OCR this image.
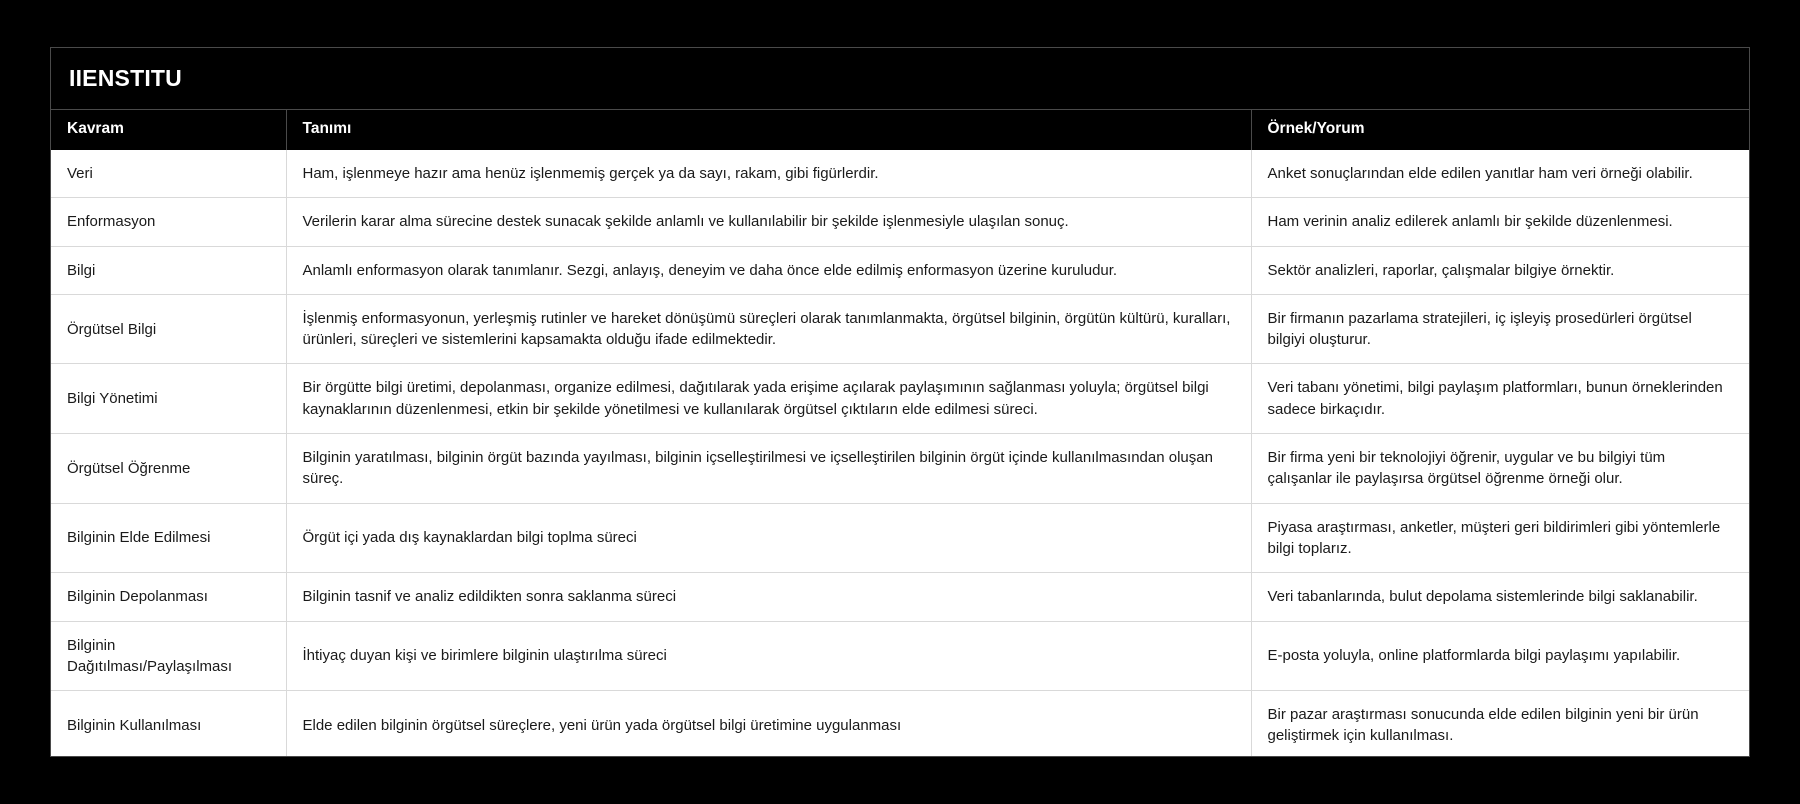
IIENSTITU
Kavram	Tanımı	Örnek/Yorum
Veri	Ham, işlenmeye hazır ama henüz işlenmemiş gerçek ya da sayı, rakam, gibi figürlerdir.	Anket sonuçlarından elde edilen yanıtlar ham veri örneği olabilir.
Enformasyon	Verilerin karar alma sürecine destek sunacak şekilde anlamlı ve kullanılabilir bir şekilde işlenmesiyle ulaşılan sonuç.	Ham verinin analiz edilerek anlamlı bir şekilde düzenlenmesi.
Bilgi	Anlamlı enformasyon olarak tanımlanır. Sezgi, anlayış, deneyim ve daha önce elde edilmiş enformasyon üzerine kuruludur.	Sektör analizleri, raporlar, çalışmalar bilgiye örnektir.
Örgütsel Bilgi	İşlenmiş enformasyonun, yerleşmiş rutinler ve hareket dönüşümü süreçleri olarak tanımlanmakta, örgütsel bilginin, örgütün kültürü, kuralları, ürünleri, süreçleri ve sistemlerini kapsamakta olduğu ifade edilmektedir.	Bir firmanın pazarlama stratejileri, iç işleyiş prosedürleri örgütsel bilgiyi oluşturur.
Bilgi Yönetimi	Bir örgütte bilgi üretimi, depolanması, organize edilmesi, dağıtılarak yada erişime açılarak paylaşımının sağlanması yoluyla; örgütsel bilgi kaynaklarının düzenlenmesi, etkin bir şekilde yönetilmesi ve kullanılarak örgütsel çıktıların elde edilmesi süreci.	Veri tabanı yönetimi, bilgi paylaşım platformları, bunun örneklerinden sadece birkaçıdır.
Örgütsel Öğrenme	Bilginin yaratılması, bilginin örgüt bazında yayılması, bilginin içselleştirilmesi ve içselleştirilen bilginin örgüt içinde kullanılmasından oluşan süreç.	Bir firma yeni bir teknolojiyi öğrenir, uygular ve bu bilgiyi tüm çalışanlar ile paylaşırsa örgütsel öğrenme örneği olur.
Bilginin Elde Edilmesi	Örgüt içi yada dış kaynaklardan bilgi toplma süreci	Piyasa araştırması, anketler, müşteri geri bildirimleri gibi yöntemlerle bilgi toplarız.
Bilginin Depolanması	Bilginin tasnif ve analiz edildikten sonra saklanma süreci	Veri tabanlarında, bulut depolama sistemlerinde bilgi saklanabilir.
Bilginin Dağıtılması/Paylaşılması	İhtiyaç duyan kişi ve birimlere bilginin ulaştırılma süreci	E-posta yoluyla, online platformlarda bilgi paylaşımı yapılabilir.
Bilginin Kullanılması	Elde edilen bilginin örgütsel süreçlere, yeni ürün yada örgütsel bilgi üretimine uygulanması	Bir pazar araştırması sonucunda elde edilen bilginin yeni bir ürün geliştirmek için kullanılması.
